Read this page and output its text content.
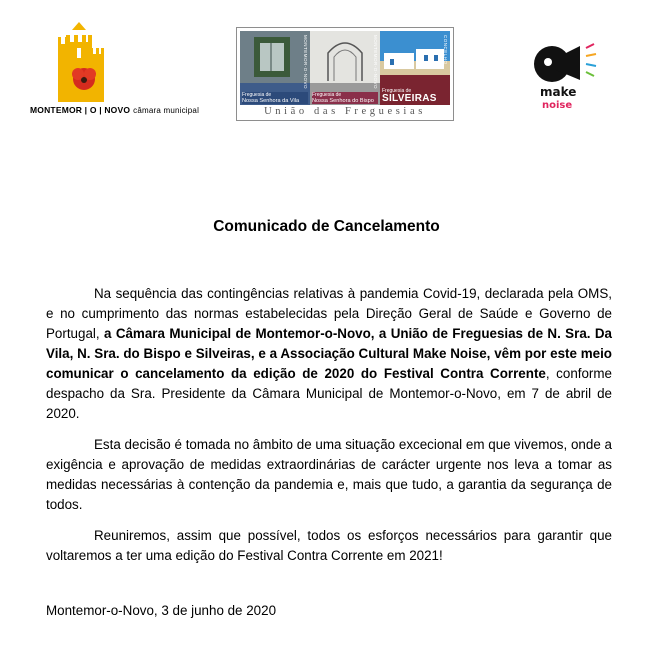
MONTEMOR | O | NOVO câmara municipal
MONTEMOR-O-NOVO
Freguesia de
Nossa Senhora da Vila
MONTEMOR-O-NOVO
Freguesia de
Nossa Senhora do Bispo
CONCELHO
Freguesia de
SILVEIRAS
União das Freguesias
make
noise
Comunicado de Cancelamento

Na sequência das contingências relativas à pandemia Covid-19, declarada pela OMS, e no cumprimento das normas estabelecidas pela Direção Geral de Saúde e Governo de Portugal, a Câmara Municipal de Montemor-o-Novo, a União de Freguesias de N. Sra. Da Vila, N. Sra. do Bispo e Silveiras, e a Associação Cultural Make Noise, vêm por este meio comunicar o cancelamento da edição de 2020 do Festival Contra Corrente, conforme despacho da Sra. Presidente da Câmara Municipal de Montemor-o-Novo, em 7 de abril de 2020.

Esta decisão é tomada no âmbito de uma situação excecional em que vivemos, onde a exigência e aprovação de medidas extraordinárias de carácter urgente nos leva a tomar as medidas necessárias à contenção da pandemia e, mais que tudo, a garantia da segurança de todos.

Reuniremos, assim que possível, todos os esforços necessários para garantir que voltaremos a ter uma edição do Festival Contra Corrente em 2021!

Montemor-o-Novo, 3 de junho de 2020
